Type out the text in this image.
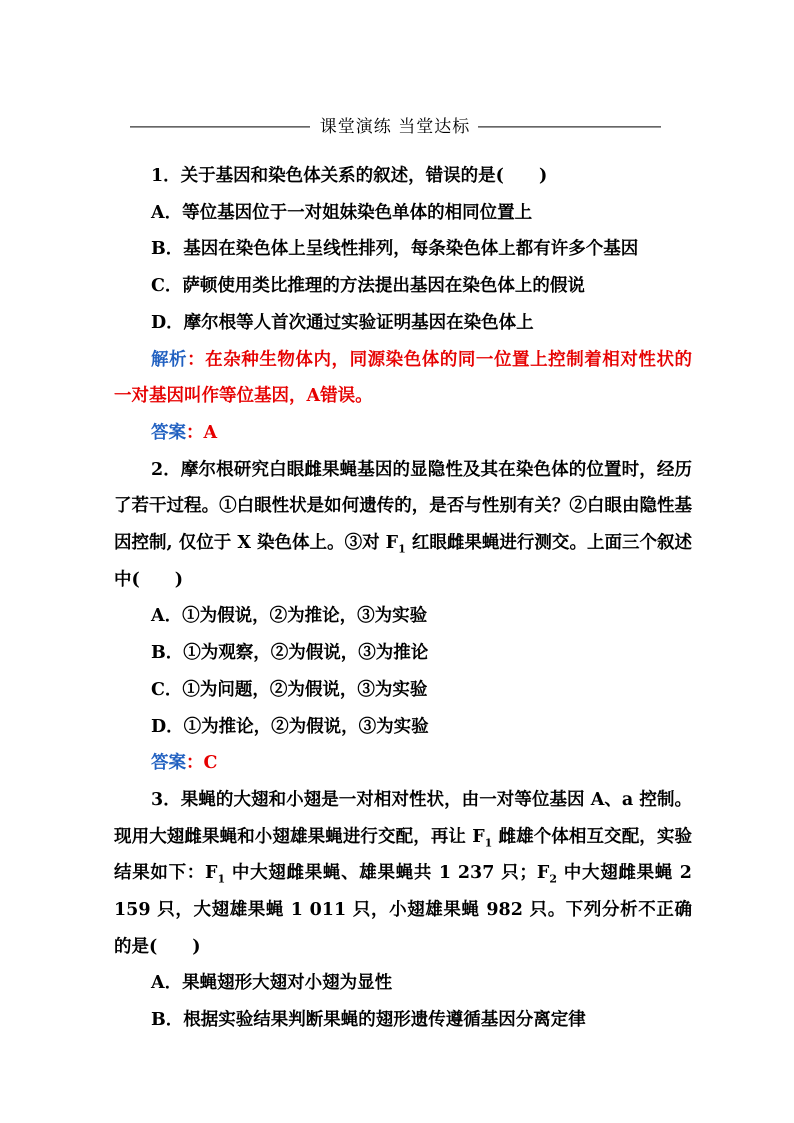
课堂演练 当堂达标

1．关于基因和染色体关系的叙述，错误的是(　　)

A．等位基因位于一对姐妹染色单体的相同位置上

B．基因在染色体上呈线性排列，每条染色体上都有许多个基因

C．萨顿使用类比推理的方法提出基因在染色体上的假说

D．摩尔根等人首次通过实验证明基因在染色体上

解析：在杂种生物体内，同源染色体的同一位置上控制着相对性状的一对基因叫作等位基因，A错误。

答案：A

2．摩尔根研究白眼雌果蝇基因的显隐性及其在染色体的位置时，经历了若干过程。①白眼性状是如何遗传的，是否与性别有关？②白眼由隐性基因控制, 仅位于 X 染色体上。③对 $F_1$ 红眼雌果蝇进行测交。上面三个叙述中(　　)

A．①为假说，②为推论，③为实验

B．①为观察，②为假说，③为推论

C．①为问题，②为假说，③为实验

D．①为推论，②为假说，③为实验

答案：C

3．果蝇的大翅和小翅是一对相对性状，由一对等位基因 A、a 控制。现用大翅雌果蝇和小翅雄果蝇进行交配，再让 $F_1$ 雌雄个体相互交配，实验结果如下：$F_1$ 中大翅雌果蝇、雄果蝇共 1 237 只；$F_2$ 中大翅雌果蝇 2 159 只，大翅雄果蝇 1 011 只，小翅雄果蝇 982 只。下列分析不正确的是(　　)

A．果蝇翅形大翅对小翅为显性

B．根据实验结果判断果蝇的翅形遗传遵循基因分离定律
